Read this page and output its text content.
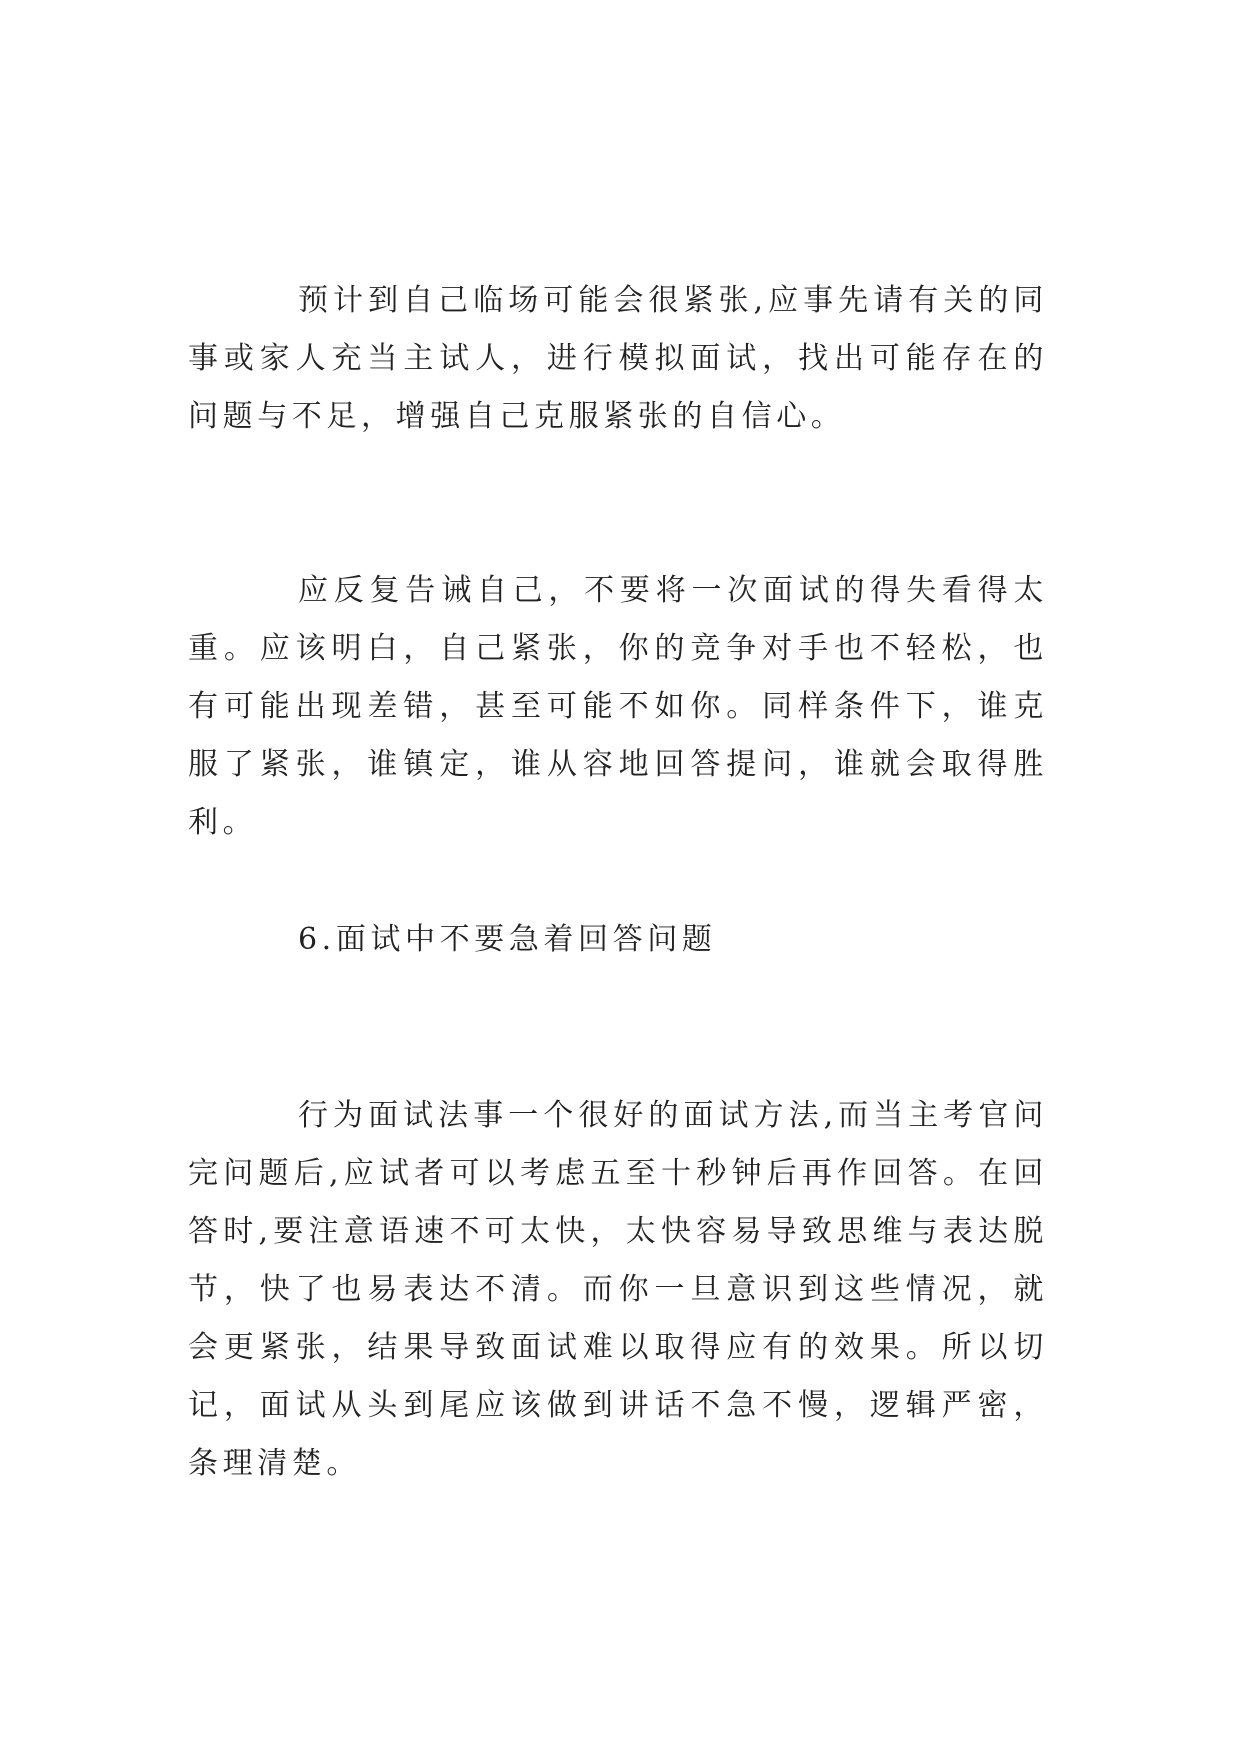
预计到自己临场可能会很紧张,应事先请有关的同事或家人充当主试人，进行模拟面试，找出可能存在的问题与不足，增强自己克服紧张的自信心。

应反复告诫自己，不要将一次面试的得失看得太重。应该明白，自己紧张，你的竞争对手也不轻松，也有可能出现差错，甚至可能不如你。同样条件下，谁克服了紧张，谁镇定，谁从容地回答提问，谁就会取得胜利。

6.面试中不要急着回答问题

行为面试法事一个很好的面试方法,而当主考官问完问题后,应试者可以考虑五至十秒钟后再作回答。在回答时,要注意语速不可太快，太快容易导致思维与表达脱节，快了也易表达不清。而你一旦意识到这些情况，就会更紧张，结果导致面试难以取得应有的效果。所以切记，面试从头到尾应该做到讲话不急不慢，逻辑严密，条理清楚。
